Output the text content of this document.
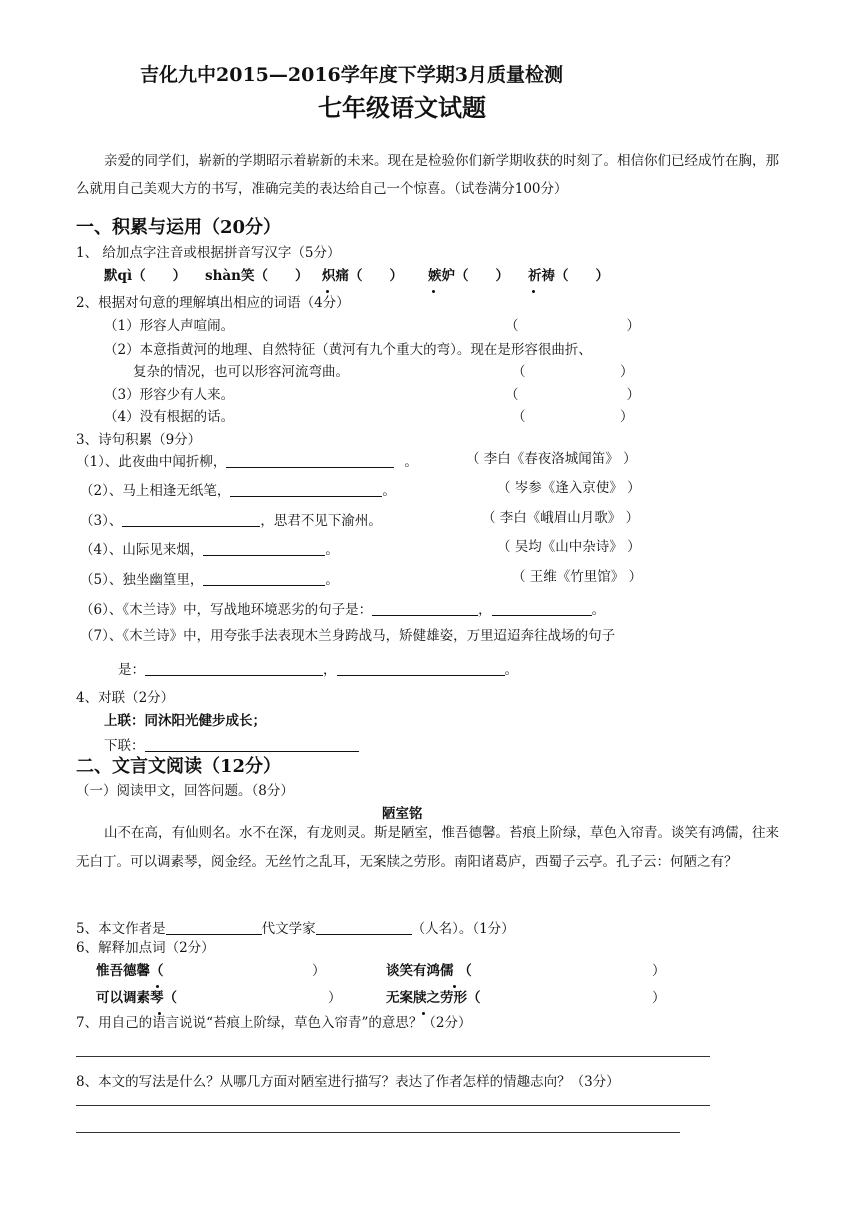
吉化九中2015—2016学年度下学期3月质量检测
七年级语文试题
亲爱的同学们，崭新的学期昭示着崭新的未来。现在是检验你们新学期收获的时刻了。相信你们已经成竹在胸，那么就用自己美观大方的书写，准确完美的表达给自己一个惊喜。（试卷满分100分）
一、积累与运用（20分）
1、 给加点字注音或根据拼音写汉字（5分）
默qì（　　） shàn笑（　　） 炽痛（　　） 嫉妒（　　） 祈祷（　　）
2、根据对句意的理解填出相应的词语（4分）
（1）形容人声喧闹。	（　　　　　　　　）
（2）本意指黄河的地理、自然特征（黄河有九个重大的弯）。现在是形容很曲折、
复杂的情况，也可以形容河流弯曲。	（　　　　　　　）
（3）形容少有人来。	（　　　　　　　　）
（4）没有根据的话。	（　　　　　　　）
3、诗句积累（9分）
（1）、此夜曲中闻折柳，	。	（ 李白《春夜洛城闻笛》 ）
（2）、马上相逢无纸笔，	。	（ 岑参《逢入京使》 ）
（3）、	，思君不见下渝州。	（ 李白《峨眉山月歌》 ）
（4）、山际见来烟，	。	（ 吴均《山中杂诗》 ）
（5）、独坐幽篁里，	。	（ 王维《竹里馆》 ）
（6）、《木兰诗》中，写战地环境恶劣的句子是：	，	。
（7）、《木兰诗》中，用夸张手法表现木兰身跨战马，矫健雄姿，万里迢迢奔往战场的句子
是：	，	。
4、对联（2分）
上联：同沐阳光健步成长；
下联：
二、文言文阅读（12分）
（一）阅读甲文，回答问题。（8分）
陋室铭
山不在高，有仙则名。水不在深，有龙则灵。斯是陋室，惟吾德馨。苔痕上阶绿，草色入帘青。谈笑有鸿儒，往来无白丁。可以调素琴，阅金经。无丝竹之乱耳，无案牍之劳形。南阳诸葛庐，西蜀子云亭。孔子云：何陋之有？
5、本文作者是	代文学家	（人名）。（1分）
6、解释加点词（2分）
惟吾德馨（	）	谈笑有鸿儒 （	）
可以调素琴（	）	无案牍之劳形（	）
7、用自己的语言说说“苔痕上阶绿，草色入帘青”的意思？（2分）
8、本文的写法是什么？从哪几方面对陋室进行描写？表达了作者怎样的情趣志向？（3分）
